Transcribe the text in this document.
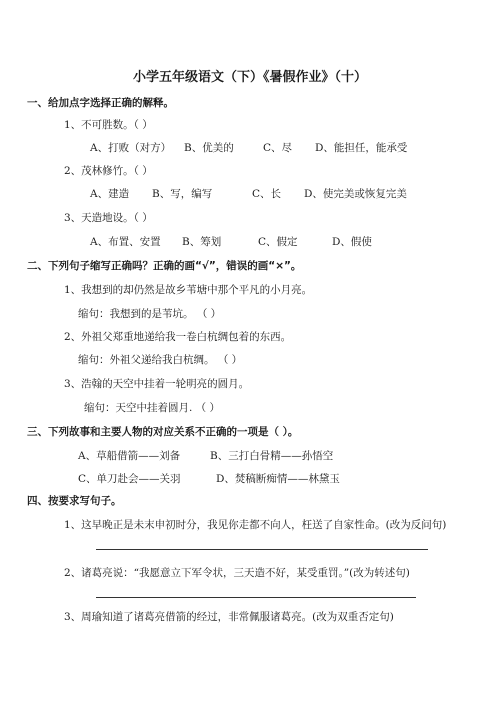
小学五年级语文（下）《暑假作业》（十）
一、给加点字选择正确的解释。
1、不可胜数。（ ）
A、打败（对方） B、优美的	C、尽 D、能担任，能承受
2、茂林修竹。（ ）
A、建造 B、写，编写	C、长 D、使完美或恢复完美
3、天造地设。（ ）
A、布置、安置 B、筹划	C、假定	D、假使
二、下列句子缩写正确吗？正确的画“√”，错误的画“×”。
1、我想到的却仍然是故乡苇塘中那个平凡的小月亮。
缩句：我想到的是苇坑。 （ ）
2、外祖父郑重地递给我一卷白杭绸包着的东西。
缩句：外祖父递给我白杭绸。 （ ）
3、浩翰的天空中挂着一轮明亮的圆月。
缩句：天空中挂着圆月. （ ）
三、下列故事和主要人物的对应关系不正确的一项是（ ）。
A、草船借箭——刘备	B、三打白骨精——孙悟空
C、单刀赴会——关羽	D、焚稿断痴情——林黛玉
四、按要求写句子。
1、这早晚正是未末申初时分，我见你走都不向人，枉送了自家性命。(改为反问句)
2、诸葛亮说：“我愿意立下军令状，三天造不好，某受重罚。”(改为转述句)
3、周瑜知道了诸葛亮借箭的经过，非常佩服诸葛亮。(改为双重否定句)
